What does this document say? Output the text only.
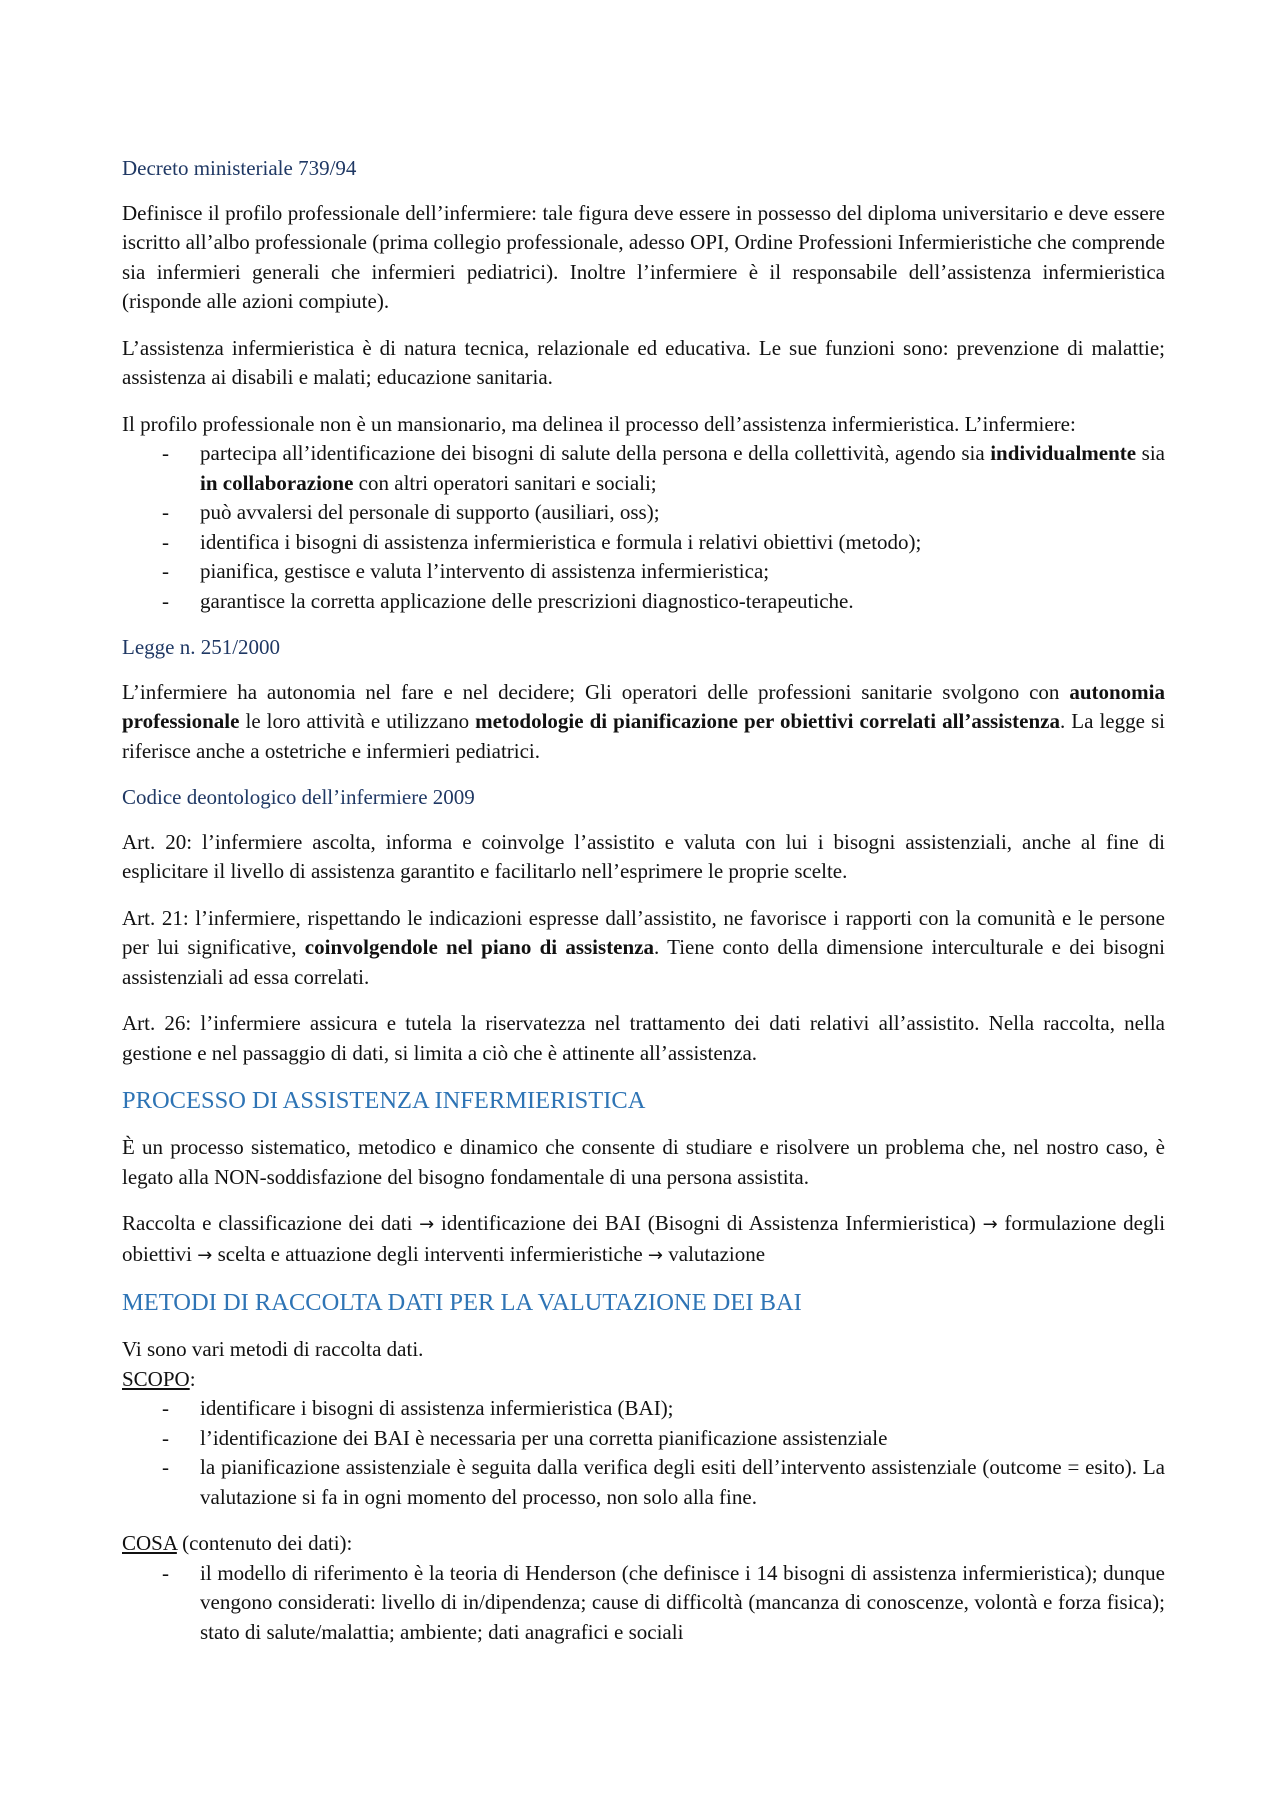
Decreto ministeriale 739/94

Definisce il profilo professionale dell’infermiere: tale figura deve essere in possesso del diploma universitario e deve essere iscritto all’albo professionale (prima collegio professionale, adesso OPI, Ordine Professioni Infermieristiche che comprende sia infermieri generali che infermieri pediatrici). Inoltre l’infermiere è il responsabile dell’assistenza infermieristica (risponde alle azioni compiute).

L’assistenza infermieristica è di natura tecnica, relazionale ed educativa. Le sue funzioni sono: prevenzione di malattie; assistenza ai disabili e malati; educazione sanitaria.

Il profilo professionale non è un mansionario, ma delinea il processo dell’assistenza infermieristica. L’infermiere:

- partecipa all’identificazione dei bisogni di salute della persona e della collettività, agendo sia individualmente sia in collaborazione con altri operatori sanitari e sociali;
- può avvalersi del personale di supporto (ausiliari, oss);
- identifica i bisogni di assistenza infermieristica e formula i relativi obiettivi (metodo);
- pianifica, gestisce e valuta l’intervento di assistenza infermieristica;
- garantisce la corretta applicazione delle prescrizioni diagnostico-terapeutiche.
Legge n. 251/2000

L’infermiere ha autonomia nel fare e nel decidere; Gli operatori delle professioni sanitarie svolgono con autonomia professionale le loro attività e utilizzano metodologie di pianificazione per obiettivi correlati all’assistenza. La legge si riferisce anche a ostetriche e infermieri pediatrici.

Codice deontologico dell’infermiere 2009

Art. 20: l’infermiere ascolta, informa e coinvolge l’assistito e valuta con lui i bisogni assistenziali, anche al fine di esplicitare il livello di assistenza garantito e facilitarlo nell’esprimere le proprie scelte.

Art. 21: l’infermiere, rispettando le indicazioni espresse dall’assistito, ne favorisce i rapporti con la comunità e le persone per lui significative, coinvolgendole nel piano di assistenza. Tiene conto della dimensione interculturale e dei bisogni assistenziali ad essa correlati.

Art. 26: l’infermiere assicura e tutela la riservatezza nel trattamento dei dati relativi all’assistito. Nella raccolta, nella gestione e nel passaggio di dati, si limita a ciò che è attinente all’assistenza.

PROCESSO DI ASSISTENZA INFERMIERISTICA

È un processo sistematico, metodico e dinamico che consente di studiare e risolvere un problema che, nel nostro caso, è legato alla NON-soddisfazione del bisogno fondamentale di una persona assistita.

Raccolta e classificazione dei dati → identificazione dei BAI (Bisogni di Assistenza Infermieristica) → formulazione degli obiettivi → scelta e attuazione degli interventi infermieristiche → valutazione

METODI DI RACCOLTA DATI PER LA VALUTAZIONE DEI BAI

Vi sono vari metodi di raccolta dati.

SCOPO:

- identificare i bisogni di assistenza infermieristica (BAI);
- l’identificazione dei BAI è necessaria per una corretta pianificazione assistenziale
- la pianificazione assistenziale è seguita dalla verifica degli esiti dell’intervento assistenziale (outcome = esito). La valutazione si fa in ogni momento del processo, non solo alla fine.

COSA (contenuto dei dati):

- il modello di riferimento è la teoria di Henderson (che definisce i 14 bisogni di assistenza infermieristica); dunque vengono considerati: livello di in/dipendenza; cause di difficoltà (mancanza di conoscenze, volontà e forza fisica); stato di salute/malattia; ambiente; dati anagrafici e sociali
